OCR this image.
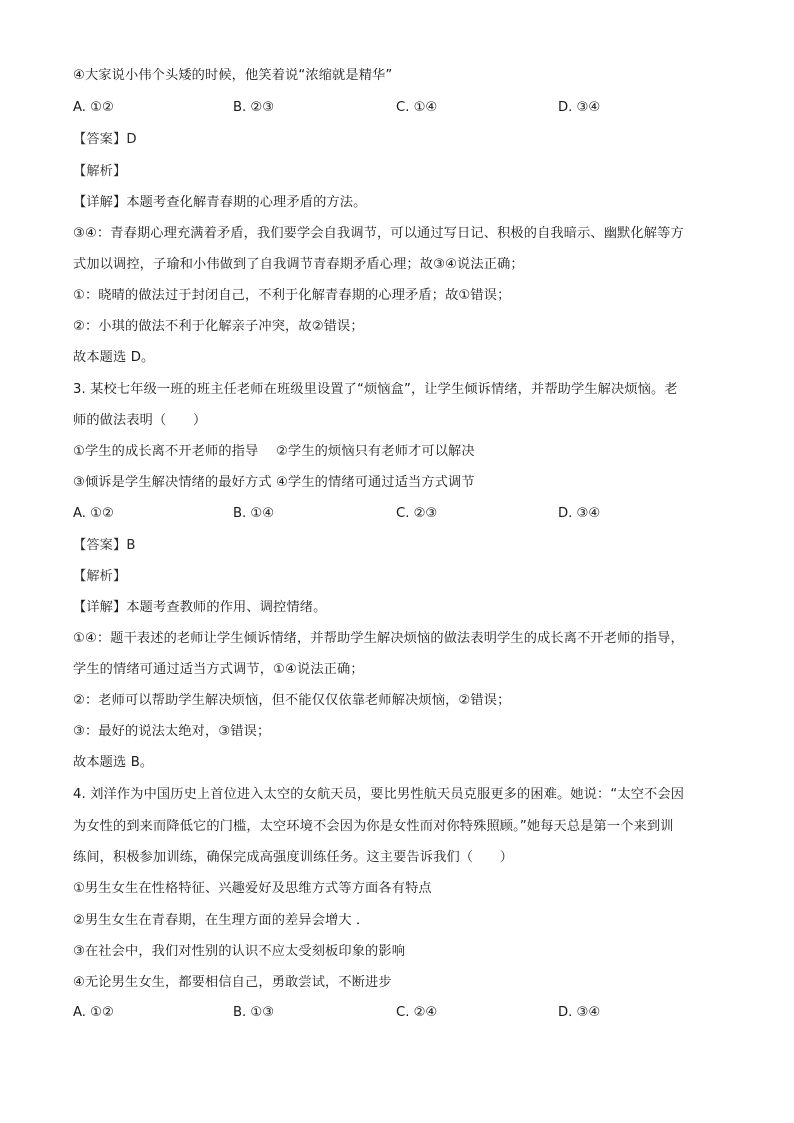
④大家说小伟个头矮的时候，他笑着说“浓缩就是精华”
A. ①②	B. ②③	C. ①④	D. ③④
【答案】D
【解析】
【详解】本题考查化解青春期的心理矛盾的方法。
③④：青春期心理充满着矛盾，我们要学会自我调节，可以通过写日记、积极的自我暗示、幽默化解等方
式加以调控，子瑜和小伟做到了自我调节青春期矛盾心理；故③④说法正确；
①：晓晴的做法过于封闭自己，不利于化解青春期的心理矛盾；故①错误；
②：小琪的做法不利于化解亲子冲突，故②错误；
故本题选 D。
3. 某校七年级一班的班主任老师在班级里设置了“烦恼盒”，让学生倾诉情绪，并帮助学生解决烦恼。老
师的做法表明（　　）
①学生的成长离不开老师的指导　 ②学生的烦恼只有老师才可以解决
③倾诉是学生解决情绪的最好方式 ④学生的情绪可通过适当方式调节
A. ①②	B. ①④	C. ②③	D. ③④
【答案】B
【解析】
【详解】本题考查教师的作用、调控情绪。
①④：题干表述的老师让学生倾诉情绪，并帮助学生解决烦恼的做法表明学生的成长离不开老师的指导，
学生的情绪可通过适当方式调节，①④说法正确；
②：老师可以帮助学生解决烦恼，但不能仅仅依靠老师解决烦恼，②错误；
③：最好的说法太绝对，③错误；
故本题选 B。
4. 刘洋作为中国历史上首位进入太空的女航天员，要比男性航天员克服更多的困难。她说：“太空不会因
为女性的到来而降低它的门槛，太空环境不会因为你是女性而对你特殊照顾。”她每天总是第一个来到训
练间，积极参加训练，确保完成高强度训练任务。这主要告诉我们（　　）
①男生女生在性格特征、兴趣爱好及思维方式等方面各有特点
②男生女生在青春期，在生理方面的差异会增大 ．
③在社会中，我们对性别的认识不应太受刻板印象的影响
④无论男生女生，都要相信自己，勇敢尝试，不断进步
A. ①②	B. ①③	C. ②④	D. ③④
